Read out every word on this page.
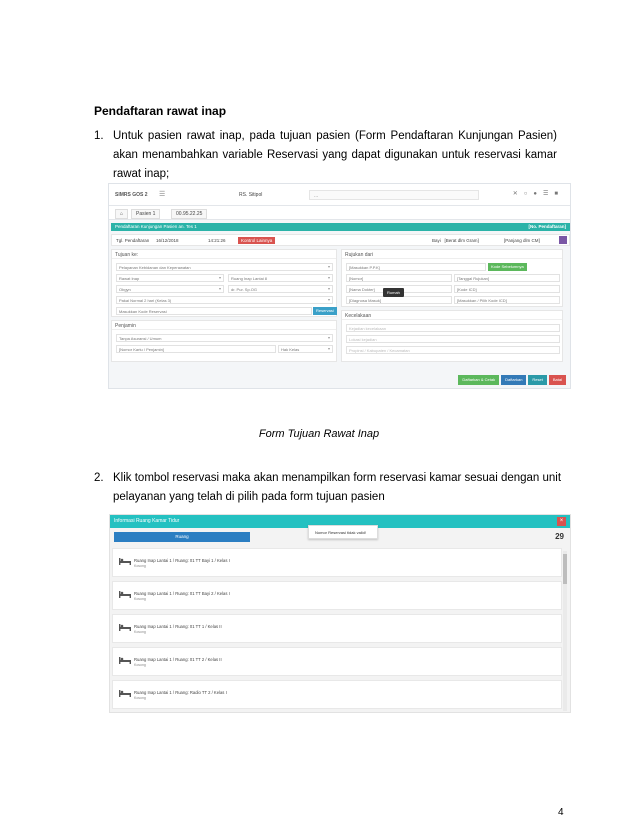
Pendaftaran rawat inap
1. Untuk pasien rawat inap, pada tujuan pasien (Form Pendaftaran Kunjungan Pasien) akan menambahkan variable Reservasi yang dapat digunakan untuk reservasi kamar rawat inap;
SIMRS GOS 2 ☰	RS. Sitipol	...	✕○●☰■
⌂	Pasien 1	00.95.22.25
Pendaftaran Kunjungan Pasien an. Tes 1	[No. Pendaftaran]
Tgl. Pendaftaran 16/12/2018	14:21:26	Kontrol Lainnya	Bayi   [Berat dlm Gram]	[Panjang dlm CM]
Tujuan ke:
Pelayanan Kebidanan dan Keperawatan ▾
Rawat Inap ▾	Ruang Inap Lantai 8 ▾
Obgyn ▾	dr. Pur. Sp.OG ▾
Pakai Normal 2 hari (Kelas 3) ▾
Masukkan Kode Reservasi	Reservasi
Penjamin
Tanpa Asuransi / Umum ▾
[Nomor Kartu / Penjamin]	Hak Kelas ▾
Rujukan dari
[Masukkan P.P.K]	Kode Sebelumnya
[Nomor]	[Tanggal Rujukan]
[Nama Dokter]	[Kode ICD]
[Diagnosa Masuk]	[Masukkan / Pilih Kode ICD]
Rumah
Kecelakaan
Kejadian kecelakaan
Lokasi kejadian
Propinsi / Kabupaten / Kecamatan
Daftarkan & Cetak	Daftarkan	Reset	Batal
Form Tujuan Rawat Inap
2. Klik tombol reservasi maka akan menampilkan form reservasi kamar sesuai dengan unit pelayanan yang telah di pilih pada form tujuan pasien
Informasi Ruang Kamar Tidur	×
Ruang
Nomor Reservasi tidak valid!	29
Ruang Inap Lantai 1 / Ruang: 01 TT Bayi 1 / Kelas I
Kosong
Ruang Inap Lantai 1 / Ruang: 01 TT Bayi 2 / Kelas I
Kosong
Ruang Inap Lantai 1 / Ruang: 01 TT 1 / Kelas II
Kosong
Ruang Inap Lantai 1 / Ruang: 01 TT 2 / Kelas II
Kosong
Ruang Inap Lantai 1 / Ruang: Radio TT 2 / Kelas I
Kosong
4
